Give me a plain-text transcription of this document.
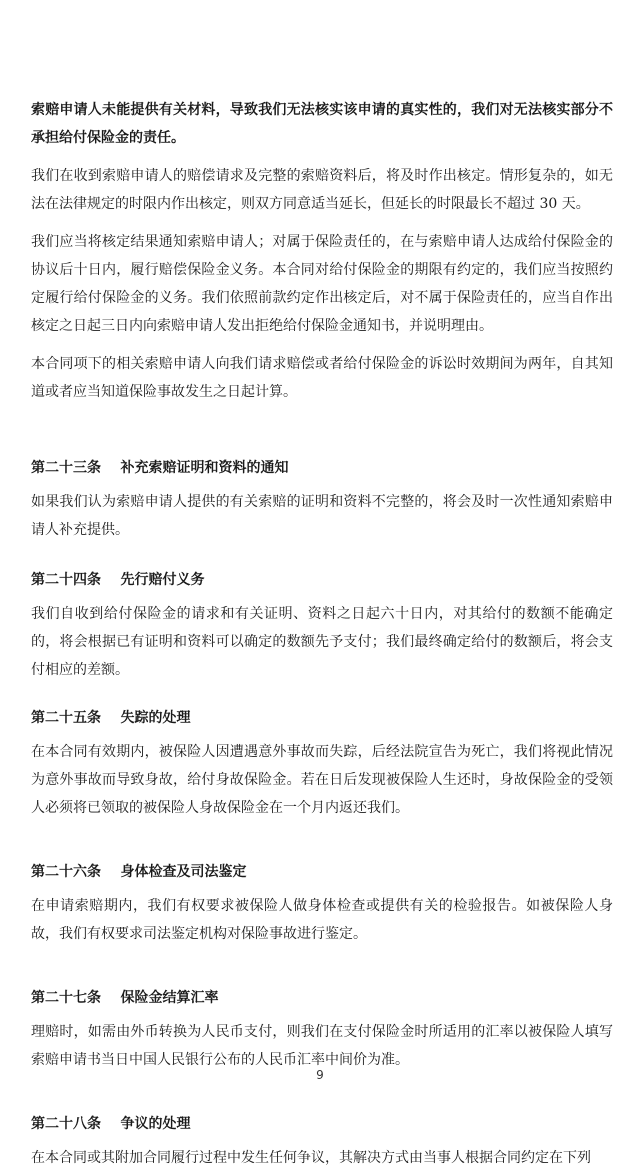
索赔申请人未能提供有关材料，导致我们无法核实该申请的真实性的，我们对无法核实部分不承担给付保险金的责任。

我们在收到索赔申请人的赔偿请求及完整的索赔资料后，将及时作出核定。情形复杂的，如无法在法律规定的时限内作出核定，则双方同意适当延长，但延长的时限最长不超过 30 天。

我们应当将核定结果通知索赔申请人；对属于保险责任的，在与索赔申请人达成给付保险金的协议后十日内，履行赔偿保险金义务。本合同对给付保险金的期限有约定的，我们应当按照约定履行给付保险金的义务。我们依照前款约定作出核定后，对不属于保险责任的，应当自作出核定之日起三日内向索赔申请人发出拒绝给付保险金通知书，并说明理由。

本合同项下的相关索赔申请人向我们请求赔偿或者给付保险金的诉讼时效期间为两年，自其知道或者应当知道保险事故发生之日起计算。

第二十三条    补充索赔证明和资料的通知

如果我们认为索赔申请人提供的有关索赔的证明和资料不完整的，将会及时一次性通知索赔申请人补充提供。

第二十四条    先行赔付义务

我们自收到给付保险金的请求和有关证明、资料之日起六十日内，对其给付的数额不能确定的，将会根据已有证明和资料可以确定的数额先予支付；我们最终确定给付的数额后，将会支付相应的差额。

第二十五条    失踪的处理

在本合同有效期内，被保险人因遭遇意外事故而失踪，后经法院宣告为死亡，我们将视此情况为意外事故而导致身故，给付身故保险金。若在日后发现被保险人生还时，身故保险金的受领人必须将已领取的被保险人身故保险金在一个月内返还我们。

第二十六条    身体检查及司法鉴定

在申请索赔期内，我们有权要求被保险人做身体检查或提供有关的检验报告。如被保险人身故，我们有权要求司法鉴定机构对保险事故进行鉴定。

第二十七条    保险金结算汇率

理赔时，如需由外币转换为人民币支付，则我们在支付保险金时所适用的汇率以被保险人填写索赔申请书当日中国人民银行公布的人民币汇率中间价为准。

第二十八条    争议的处理

在本合同或其附加合同履行过程中发生任何争议，其解决方式由当事人根据合同约定在下列

9
